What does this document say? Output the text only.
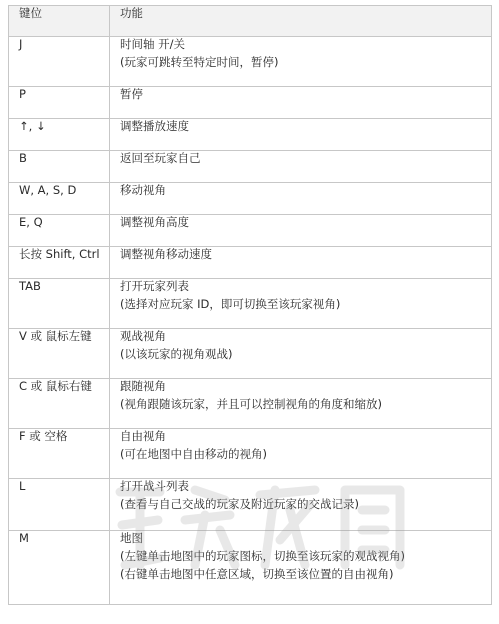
键位	功能
J	时间轴 开/关
(玩家可跳转至特定时间，暂停)

P	暂停

↑, ↓	调整播放速度

B	返回至玩家自己

W, A, S, D	移动视角

E, Q	调整视角高度

长按 Shift, Ctrl	调整视角移动速度

TAB	打开玩家列表
(选择对应玩家 ID，即可切换至该玩家视角)

V 或 鼠标左键	观战视角
(以该玩家的视角观战)

C 或 鼠标右键	跟随视角
(视角跟随该玩家，并且可以控制视角的角度和缩放)

F 或 空格	自由视角
(可在地图中自由移动的视角)

L	打开战斗列表
(查看与自己交战的玩家及附近玩家的交战记录)

M	地图
(左键单击地图中的玩家图标，切换至该玩家的观战视角)
(右键单击地图中任意区域，切换至该位置的自由视角)
